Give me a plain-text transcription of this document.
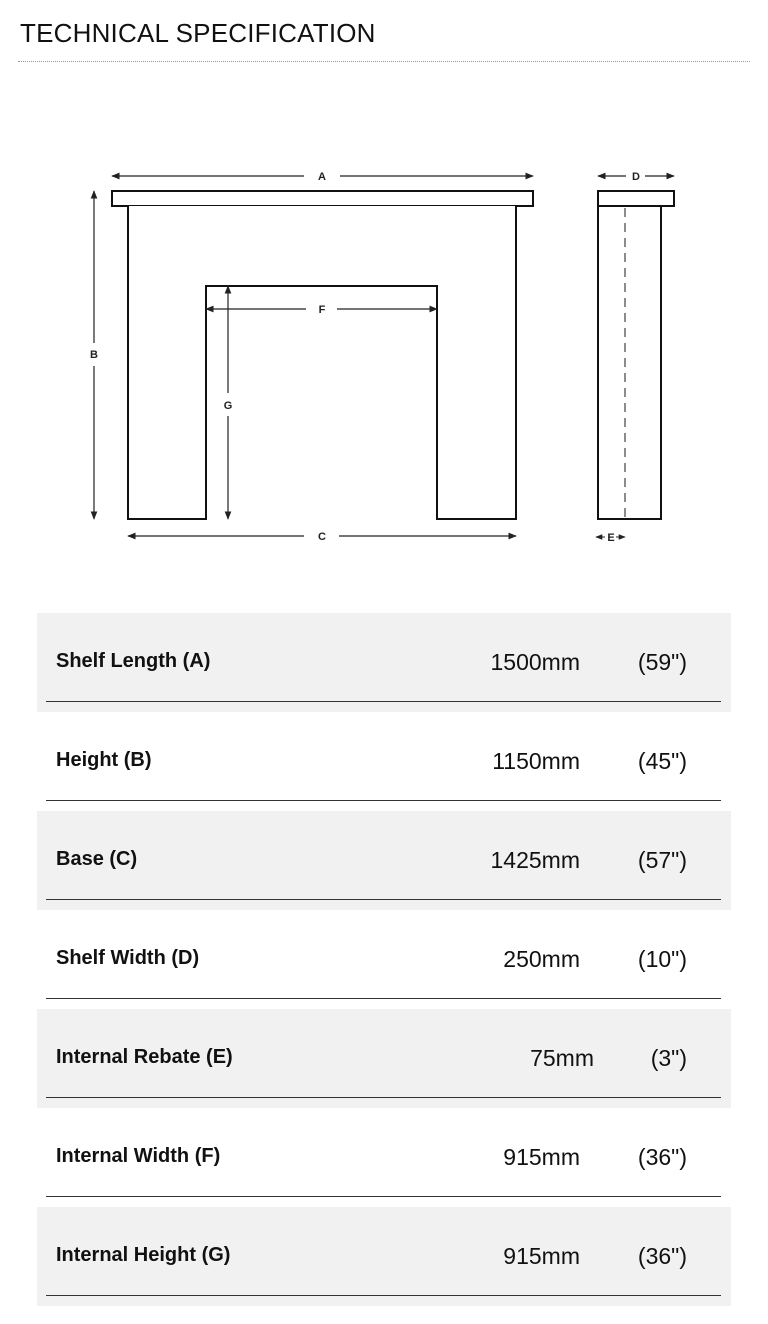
TECHNICAL SPECIFICATION
A
B
C
F
G
D
E
Shelf Length (A)	1500mm	(59")
Height (B)	1150mm	(45")
Base (C)	1425mm	(57")
Shelf Width (D)	250mm	(10")
Internal Rebate (E)	75mm (3")
Internal Width (F)	915mm	(36")
Internal Height (G)	915mm	(36")
